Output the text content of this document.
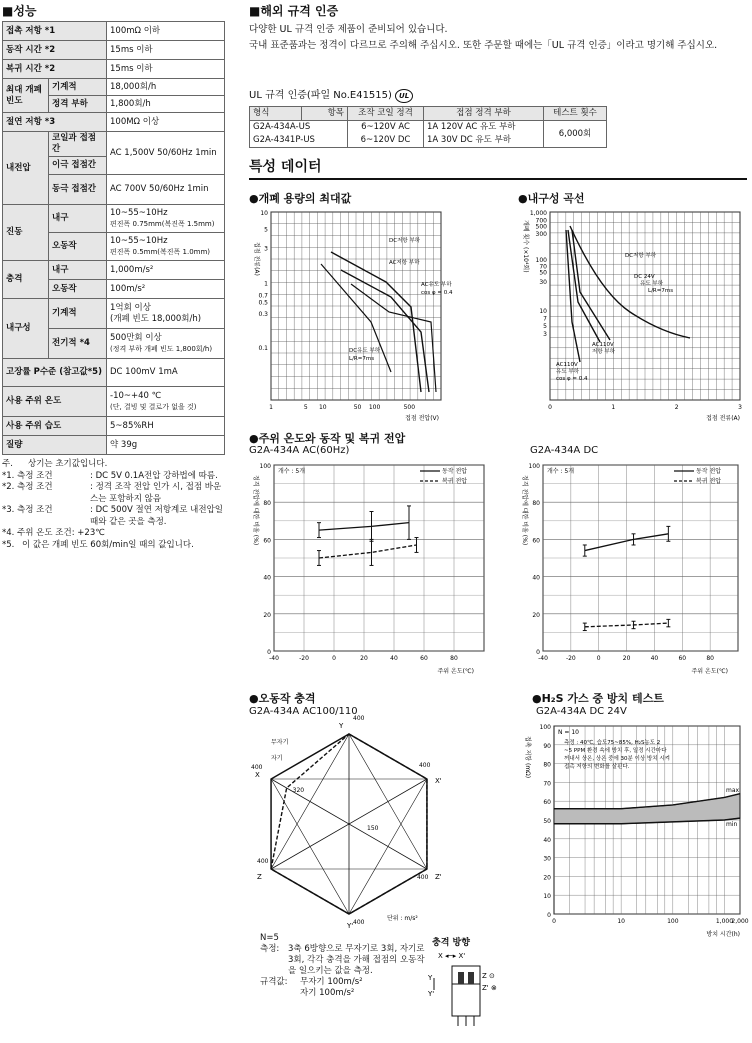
■성능
접촉 저항 *1		100mΩ 이하
동작 시간 *2		15ms 이하
복귀 시간 *2		15ms 이하
최대 개폐 빈도	기계적	18,000회/h
	정격 부하	1,800회/h
절연 저항 *3		100MΩ 이상
내전압	코일과 접점간	AC 1,500V 50/60Hz 1min
	이극 접점간	
	동극 접점간	AC 700V 50/60Hz 1min
진동	내구	10~55~10Hz
편진폭 0.75mm(복진폭 1.5mm)

	오동작	10~55~10Hz
편진폭 0.5mm(복진폭 1.0mm)

충격	내구	1,000m/s²
	오동작	100m/s²
내구성	기계적	1억회 이상
(개폐 빈도 18,000회/h)

	전기적 *4	500만회 이상
(정격 부하 개폐 빈도 1,800회/h)

고장률 P수준 (참고값*5)		DC 100mV 1mA
사용 주위 온도		-10~+40 ℃
(단, 결빙 및 결로가 없을 것)

사용 주위 습도		5~85%RH
질량		약 39g
주.	상기는 초기값입니다.
*1. 측정 조건	: DC 5V 0.1A전압 강하법에 따름.
*2. 측정 조건	: 정격 조작 전압 인가 시, 접점 바운스는 포함하지 않음
*3. 측정 조건	: DC 500V 절연 저항계로 내전압일 때와 같은 곳을 측정.
*4. 주위 온도 조건 : +23℃
*5. 이 값은 개폐 빈도 60회/min일 때의 값입니다.
■해외 규격 인증
다양한 UL 규격 인증 제품이 준비되어 있습니다.
국내 표준품과는 정격이 다르므로 주의해 주십시오. 또한 주문할 때에는「UL 규격 인증」이라고 명기해 주십시오.
UL 규격 인증(파일 No.E41515) UL
형식	항목	조작 코일 정격	접점 정격 부하	테스트 횟수
G2A-434A-US		6~120V AC	1A 120V AC 유도 부하	6,000회
G2A-4341P-US		6~120V DC	1A 30V DC 유도 부하	
특성 데이터
●개폐 용량의 최대값
10
5
3
1
0.7
0.5
0.3
0.1
1	5 10	50 100	500
접점 전류(A)
접점 전압(V)
DC저항 부하
AC저항 부하
AC유도 부하
cos φ = 0.4
DC유도 부하
L/R=7ms
●내구성 곡선
1,000
700
500
300
100
70
50
30
10
7
5
3
0	1	2	3
개폐 횟수 (×10⁴회)
접점 전류(A)
DC저항 부하
DC 24V
유도 부하
L/R=7ms
AC110V
저항 부하
AC110V
유도 부하
cos φ = 0.4
●주위 온도와 동작 및 복귀 전압
G2A-434A AC(60Hz)
100
80
60
40
20
0
-40	-20	0	20	40	60	80
주위 온도(℃)
정격 전압에 대한 비율 (%)
개수 : 5개	동작 전압
복귀 전압
G2A-434A DC
100
80
60
40
20
0
-40	-20	0	20	40	60	80
주위 온도(℃)
정격 전압에 대한 비율 (%)
개수 : 5개	동작 전압
복귀 전압
●오동작 충격
G2A-434A AC100/110
Y
X'
Z'
Y'
Z
X
400
400
400
400
400
400
320
150
무자기
자기
단위 : m/s²
N=5
측정:	3축 6방향으로 무자기로 3회, 자기로 3회, 각각 충격을 가해 접점의 오동작을 일으키는 값을 측정.
규격값:	무자기 100m/s²
자기 100m/s²
충격 방향
X ◂─▸ X'
Y
Y'
Z ⊙
Z' ⊗
●H₂S 가스 중 방치 테스트
G2A-434A DC 24V
100
90
80
70
60
50
40
30
20
10
0
0	10	100	1,000
2,000
방치 시간(h)
접촉 저항 (mΩ)
N = 10
측정 : 40℃, 습도75~85%, H₂S농도 2
~5 PPM 환경 속에 방치 후, 일정 시간마다
꺼내서 상온, 상온 중에 30분 이상 방치 시켜
접촉 저항의 변화를 살핀다.
max
min
